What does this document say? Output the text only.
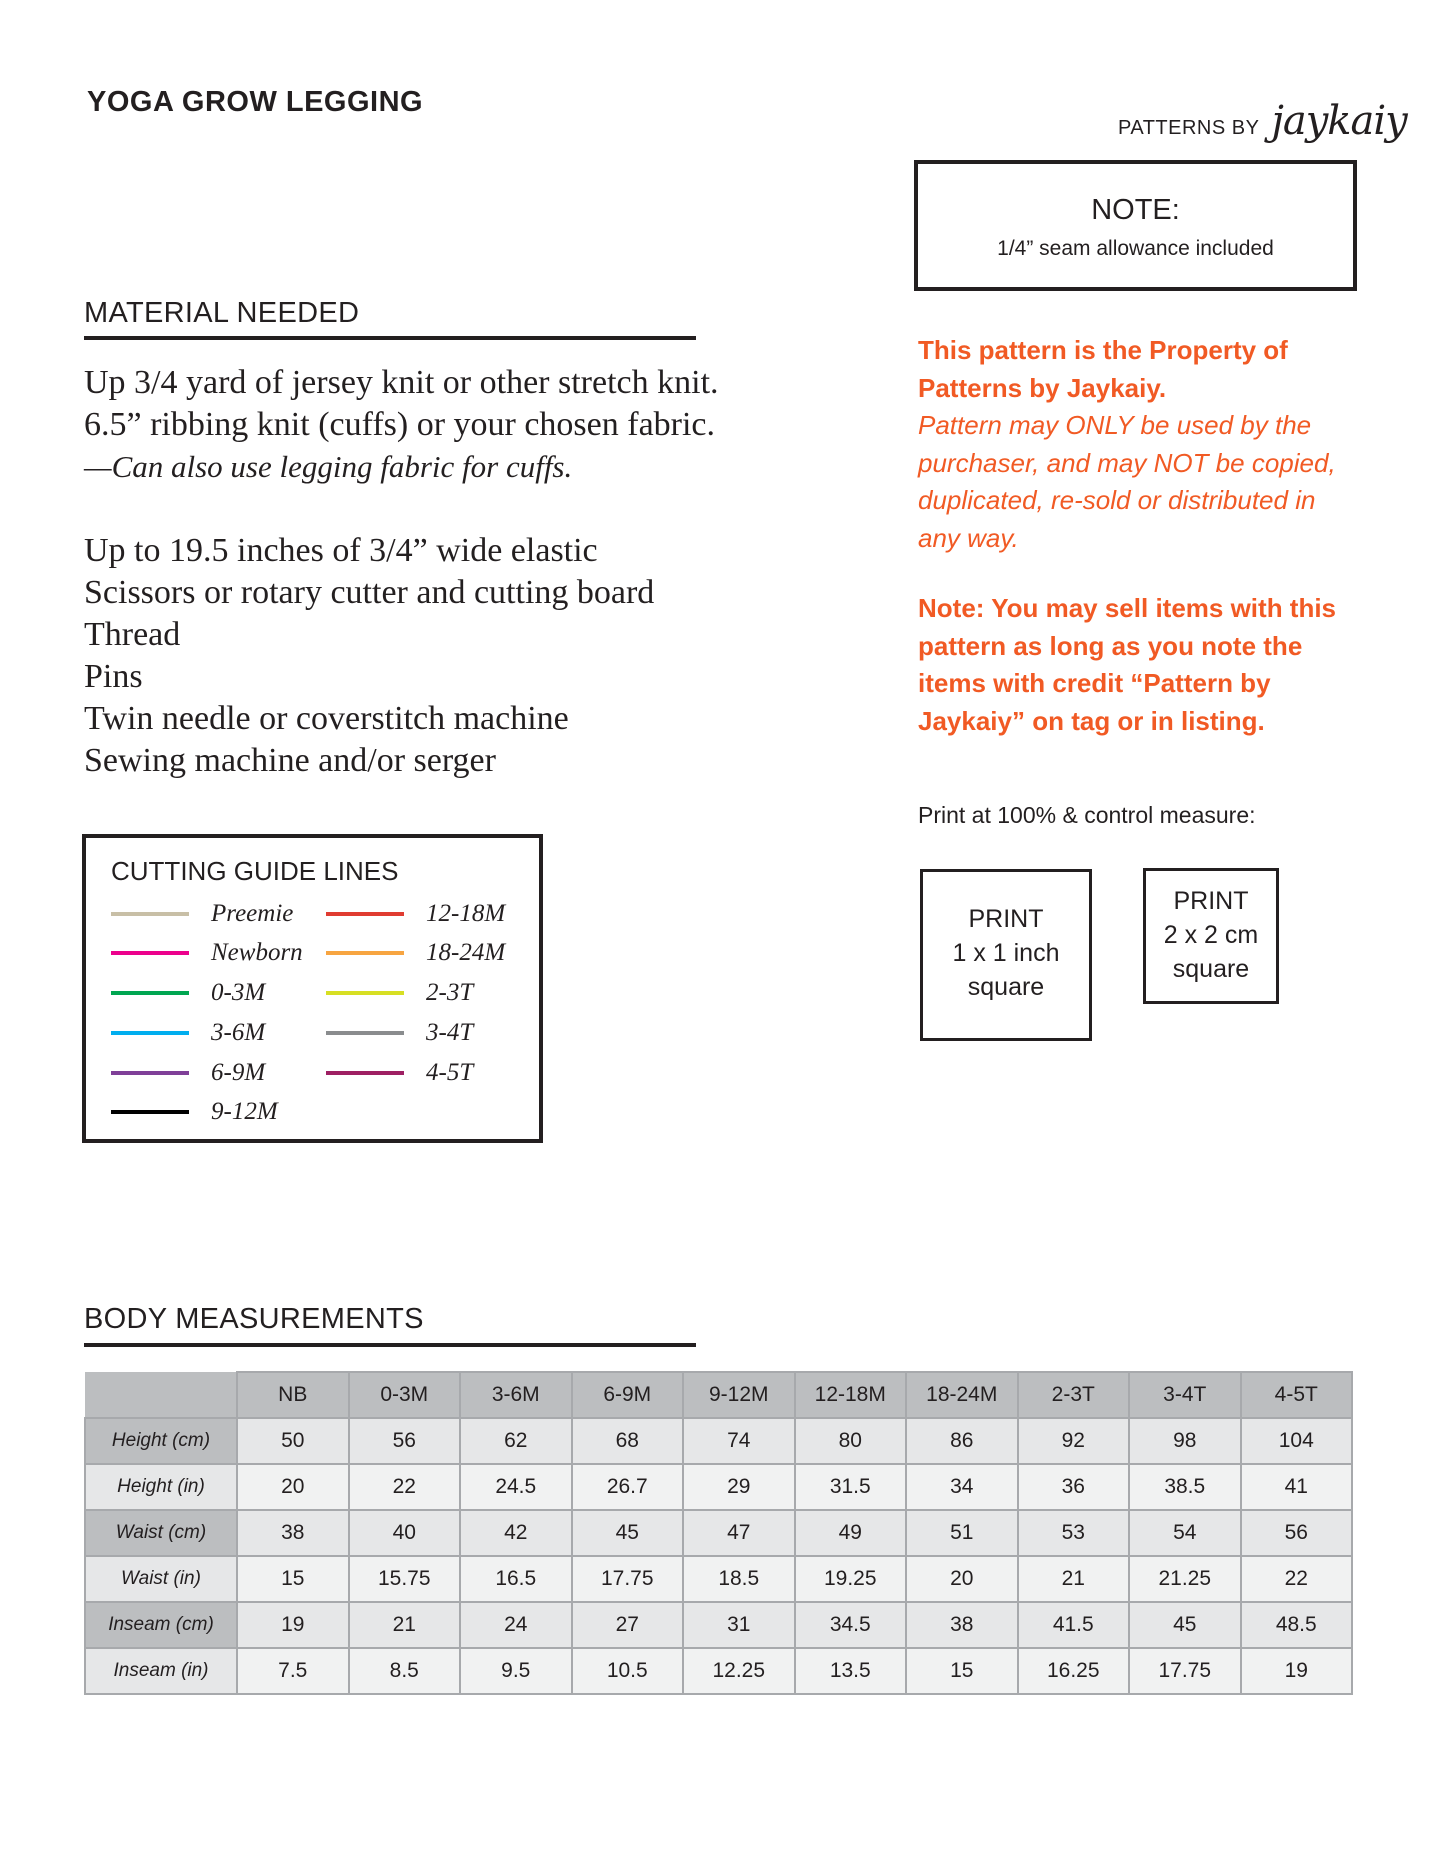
YOGA GROW LEGGING
PATTERNS BY jaykaiy
NOTE:
1/4” seam allowance included
MATERIAL NEEDED
Up 3/4 yard of jersey knit or other stretch knit.
6.5” ribbing knit (cuffs) or your chosen fabric.
—Can also use legging fabric for cuffs.
Up to 19.5 inches of 3/4” wide elastic
Scissors or rotary cutter and cutting board
Thread
Pins
Twin needle or coverstitch machine
Sewing machine and/or serger
This pattern is the Property of
Patterns by Jaykaiy.
Pattern may ONLY be used by the
purchaser, and may NOT be copied,
duplicated, re-sold or distributed in
any way.
Note: You may sell items with this
pattern as long as you note the
items with credit “Pattern by
Jaykaiy” on tag or in listing.
Print at 100% & control measure:
PRINT
1 x 1 inch
square
PRINT
2 x 2 cm
square
CUTTING GUIDE LINES
Preemie
Newborn
0-3M
3-6M
6-9M
9-12M
12-18M
18-24M
2-3T
3-4T
4-5T
BODY MEASUREMENTS
	NB	0-3M	3-6M	6-9M	9-12M	12-18M	18-24M	2-3T	3-4T	4-5T
Height (cm)	50	56	62	68	74	80	86	92	98	104
Height (in)	20	22	24.5	26.7	29	31.5	34	36	38.5	41
Waist (cm)	38	40	42	45	47	49	51	53	54	56
Waist (in)	15	15.75	16.5	17.75	18.5	19.25	20	21	21.25	22
Inseam (cm)	19	21	24	27	31	34.5	38	41.5	45	48.5
Inseam (in)	7.5	8.5	9.5	10.5	12.25	13.5	15	16.25	17.75	19
